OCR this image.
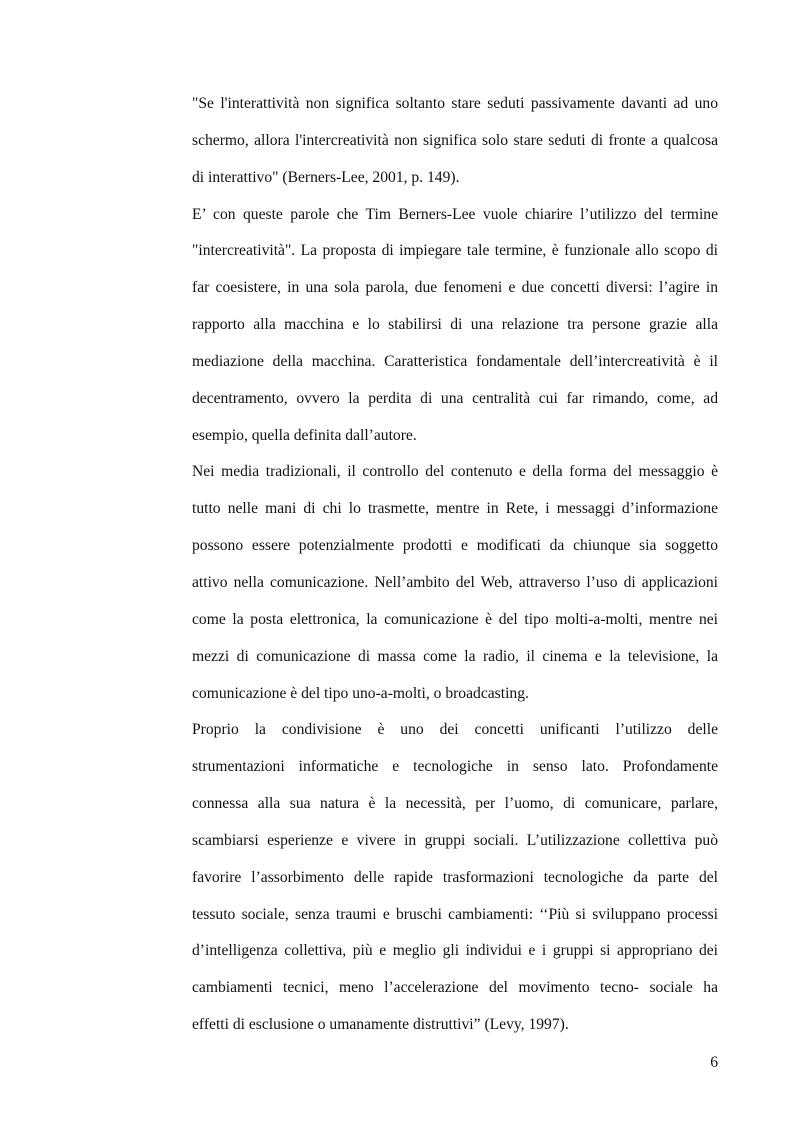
"Se l'interattività non significa soltanto stare seduti passivamente davanti ad uno
schermo, allora l'intercreatività non significa solo stare seduti di fronte a qualcosa
di interattivo" (Berners-Lee, 2001, p. 149).
E’ con queste parole che Tim Berners-Lee vuole chiarire l’utilizzo del termine
"intercreatività". La proposta di impiegare tale termine, è funzionale allo scopo di
far coesistere, in una sola parola, due fenomeni e due concetti diversi: l’agire in
rapporto alla macchina e lo stabilirsi di una relazione tra persone grazie alla
mediazione della macchina. Caratteristica fondamentale dell’intercreatività è il
decentramento, ovvero la perdita di una centralità cui far rimando, come, ad
esempio, quella definita dall’autore.
Nei media tradizionali, il controllo del contenuto e della forma del messaggio è
tutto nelle mani di chi lo trasmette, mentre in Rete, i messaggi d’informazione
possono essere potenzialmente prodotti e modificati da chiunque sia soggetto
attivo nella comunicazione. Nell’ambito del Web, attraverso l’uso di applicazioni
come la posta elettronica, la comunicazione è del tipo molti-a-molti, mentre nei
mezzi di comunicazione di massa come la radio, il cinema e la televisione, la
comunicazione è del tipo uno-a-molti, o broadcasting.
Proprio la condivisione è uno dei concetti unificanti l’utilizzo delle
strumentazioni informatiche e tecnologiche in senso lato. Profondamente
connessa alla sua natura è la necessità, per l’uomo, di comunicare, parlare,
scambiarsi esperienze e vivere in gruppi sociali. L’utilizzazione collettiva può
favorire l’assorbimento delle rapide trasformazioni tecnologiche da parte del
tessuto sociale, senza traumi e bruschi cambiamenti: ‘‘Più si sviluppano processi
d’intelligenza collettiva, più e meglio gli individui e i gruppi si appropriano dei
cambiamenti tecnici, meno l’accelerazione del movimento tecno- sociale ha
effetti di esclusione o umanamente distruttivi” (Levy, 1997).
6
